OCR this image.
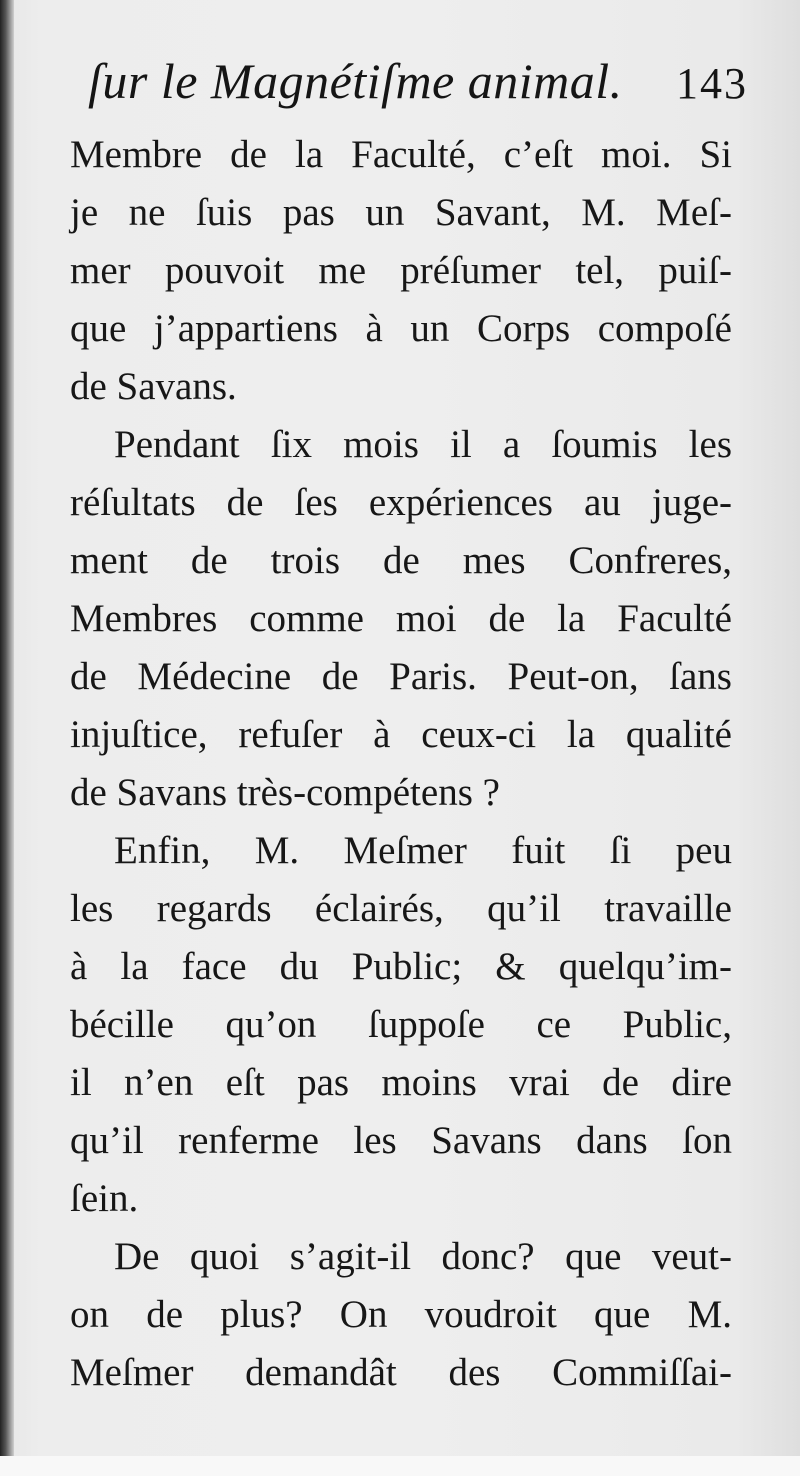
ſur le Magnétiſme animal. 143
Membre de la Faculté, c’eſt moi. Si
je ne ſuis pas un Savant, M. Meſ-
mer pouvoit me préſumer tel, puiſ-
que j’appartiens à un Corps compoſé
de Savans.
Pendant ſix mois il a ſoumis les
réſultats de ſes expériences au juge-
ment de trois de mes Confreres,
Membres comme moi de la Faculté
de Médecine de Paris. Peut-on, ſans
injuſtice, refuſer à ceux-ci la qualité
de Savans très-compétens ?
Enfin, M. Meſmer fuit ſi peu
les regards éclairés, qu’il travaille
à la face du Public; & quelqu’im-
bécille qu’on ſuppoſe ce Public,
il n’en eſt pas moins vrai de dire
qu’il renferme les Savans dans ſon
ſein.
De quoi s’agit-il donc? que veut-
on de plus? On voudroit que M.
Meſmer demandât des Commiſſai-
